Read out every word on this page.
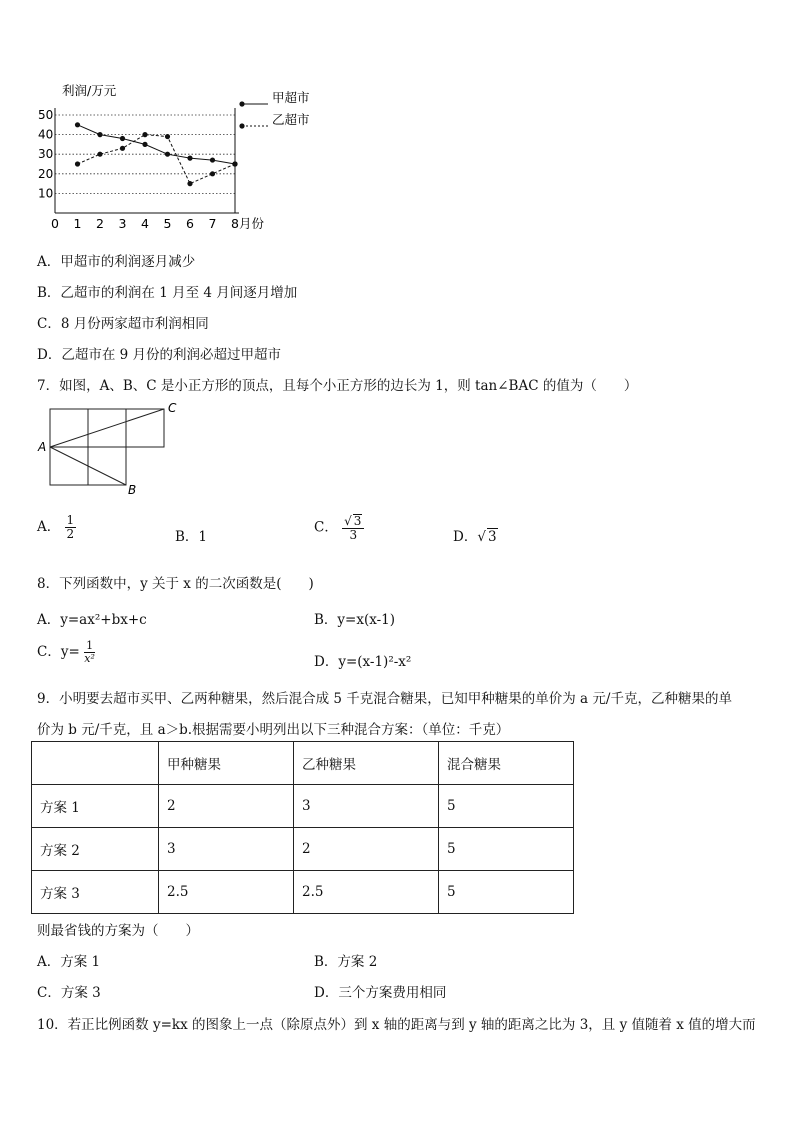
利润/万元
月份
10
20
30
40
50
0 1 2 3 4 5 6 7 8
甲超市
乙超市
A．甲超市的利润逐月减少
B．乙超市的利润在 1 月至 4 月间逐月增加
C．8 月份两家超市利润相同
D．乙超市在 9 月份的利润必超过甲超市
7．如图，A、B、C 是小正方形的顶点，且每个小正方形的边长为 1，则 tan∠BAC 的值为（　　）
A
B
C
A． $\frac{1}{2}$	B．1
C． $\frac{√ 3}{3}$	D．√ 3
8．下列函数中，y 关于 x 的二次函数是(　　)
A．y=ax²+bx+c	B．y=x(x-1)
C．$y= \frac{1}{\text{x²}}$	D．y=(x-1)²-x²
9．小明要去超市买甲、乙两种糖果，然后混合成 5 千克混合糖果，已知甲种糖果的单价为 a 元/千克，乙种糖果的单
价为 b 元/千克，且 a＞b.根据需要小明列出以下三种混合方案：（单位：千克）
	甲种糖果	乙种糖果	混合糖果
方案 1	2	3	5
方案 2	3	2	5
方案 3	2.5	2.5	5
则最省钱的方案为（　　）
A．方案 1	B．方案 2
C．方案 3	D．三个方案费用相同
10．若正比例函数 y=kx 的图象上一点（除原点外）到 x 轴的距离与到 y 轴的距离之比为 3，且 y 值随着 x 值的增大而
